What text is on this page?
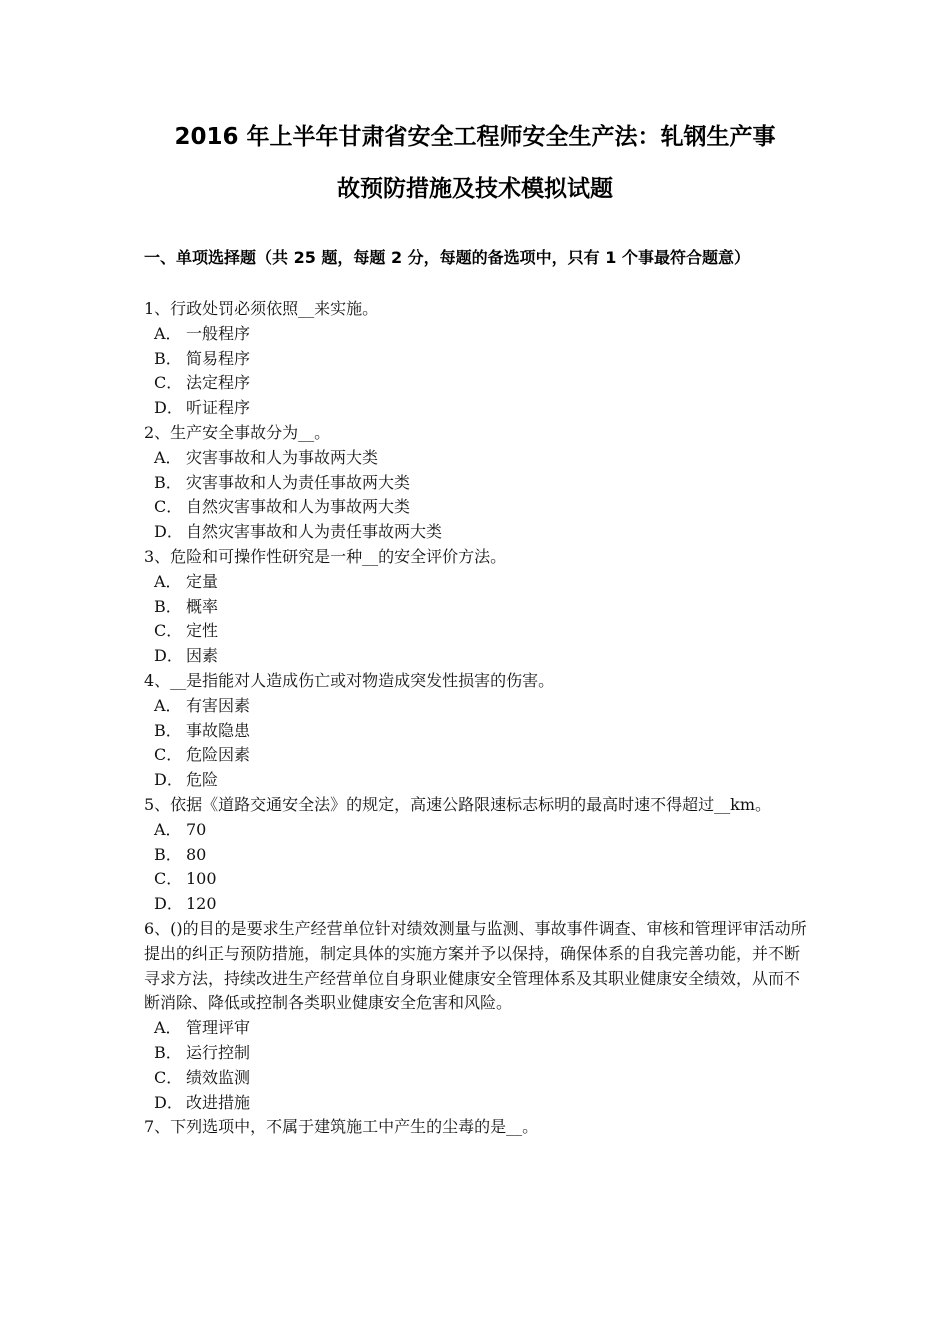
2016 年上半年甘肃省安全工程师安全生产法：轧钢生产事
故预防措施及技术模拟试题
一、单项选择题（共 25 题，每题 2 分，每题的备选项中，只有 1 个事最符合题意）

1、行政处罚必须依照__来实施。

A． 一般程序
B． 简易程序
C． 法定程序
D． 听证程序

2、生产安全事故分为__。

A． 灾害事故和人为事故两大类
B． 灾害事故和人为责任事故两大类
C． 自然灾害事故和人为事故两大类
D． 自然灾害事故和人为责任事故两大类

3、危险和可操作性研究是一种__的安全评价方法。

A． 定量
B． 概率
C． 定性
D． 因素

4、__是指能对人造成伤亡或对物造成突发性损害的伤害。

A． 有害因素
B． 事故隐患
C． 危险因素
D． 危险

5、依据《道路交通安全法》的规定，高速公路限速标志标明的最高时速不得超过__km。

A． 70
B． 80
C． 100
D． 120

6、()的目的是要求生产经营单位针对绩效测量与监测、事故事件调查、审核和管理评审活动所提出的纠正与预防措施，制定具体的实施方案并予以保持，确保体系的自我完善功能，并不断寻求方法，持续改进生产经营单位自身职业健康安全管理体系及其职业健康安全绩效，从而不断消除、降低或控制各类职业健康安全危害和风险。

A． 管理评审
B． 运行控制
C． 绩效监测
D． 改进措施

7、下列选项中，不属于建筑施工中产生的尘毒的是__。
